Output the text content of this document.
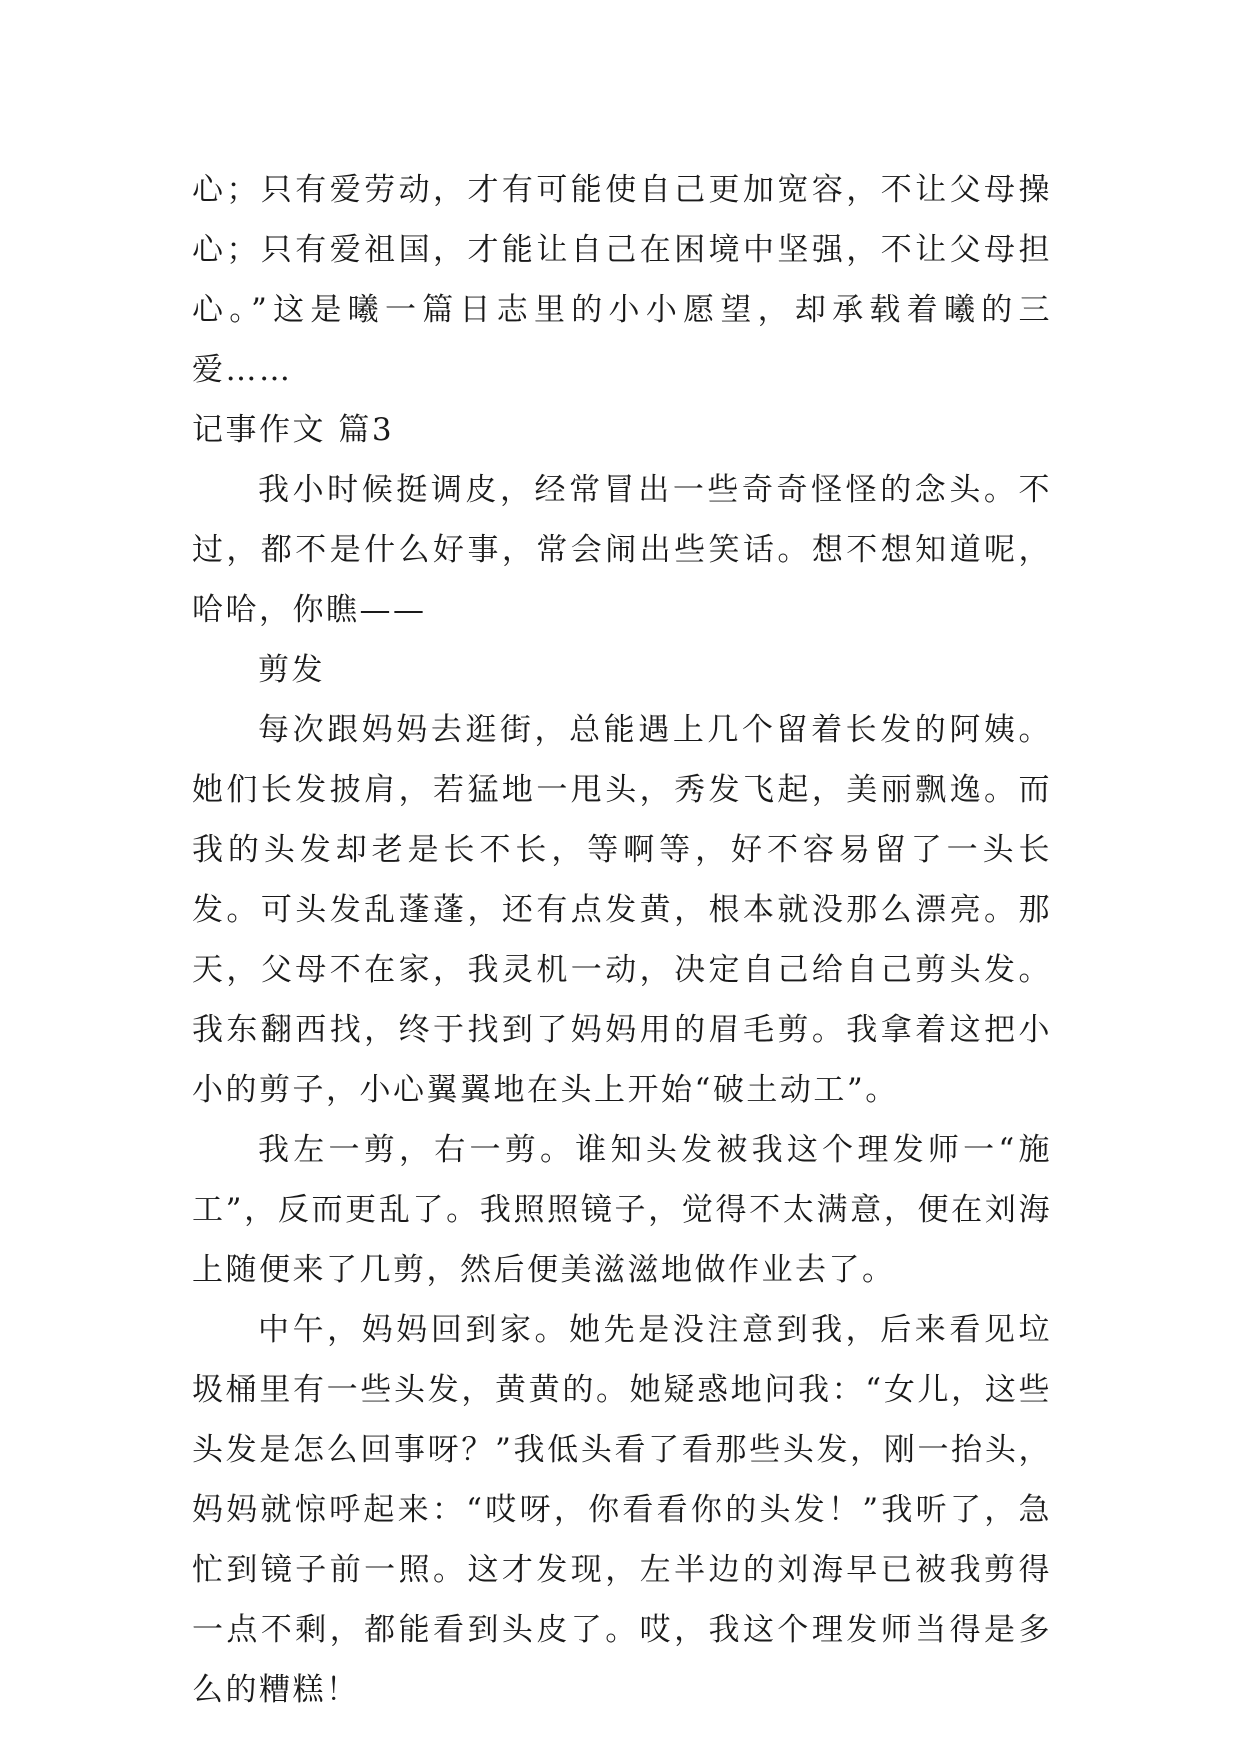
心；只有爱劳动，才有可能使自己更加宽容，不让父母操心；只有爱祖国，才能让自己在困境中坚强，不让父母担心。”这是曦一篇日志里的小小愿望，却承载着曦的三爱……

记事作文 篇3

我小时候挺调皮，经常冒出一些奇奇怪怪的念头。不过，都不是什么好事，常会闹出些笑话。想不想知道呢，哈哈，你瞧——

剪发

每次跟妈妈去逛街，总能遇上几个留着长发的阿姨。她们长发披肩，若猛地一甩头，秀发飞起，美丽飘逸。而我的头发却老是长不长，等啊等，好不容易留了一头长发。可头发乱蓬蓬，还有点发黄，根本就没那么漂亮。那天，父母不在家，我灵机一动，决定自己给自己剪头发。我东翻西找，终于找到了妈妈用的眉毛剪。我拿着这把小小的剪子，小心翼翼地在头上开始“破土动工”。

我左一剪，右一剪。谁知头发被我这个理发师一“施工”，反而更乱了。我照照镜子，觉得不太满意，便在刘海上随便来了几剪，然后便美滋滋地做作业去了。

中午，妈妈回到家。她先是没注意到我，后来看见垃圾桶里有一些头发，黄黄的。她疑惑地问我：“女儿，这些头发是怎么回事呀？”我低头看了看那些头发，刚一抬头，妈妈就惊呼起来：“哎呀，你看看你的头发！”我听了，急忙到镜子前一照。这才发现，左半边的刘海早已被我剪得一点不剩，都能看到头皮了。哎，我这个理发师当得是多么的糟糕！
